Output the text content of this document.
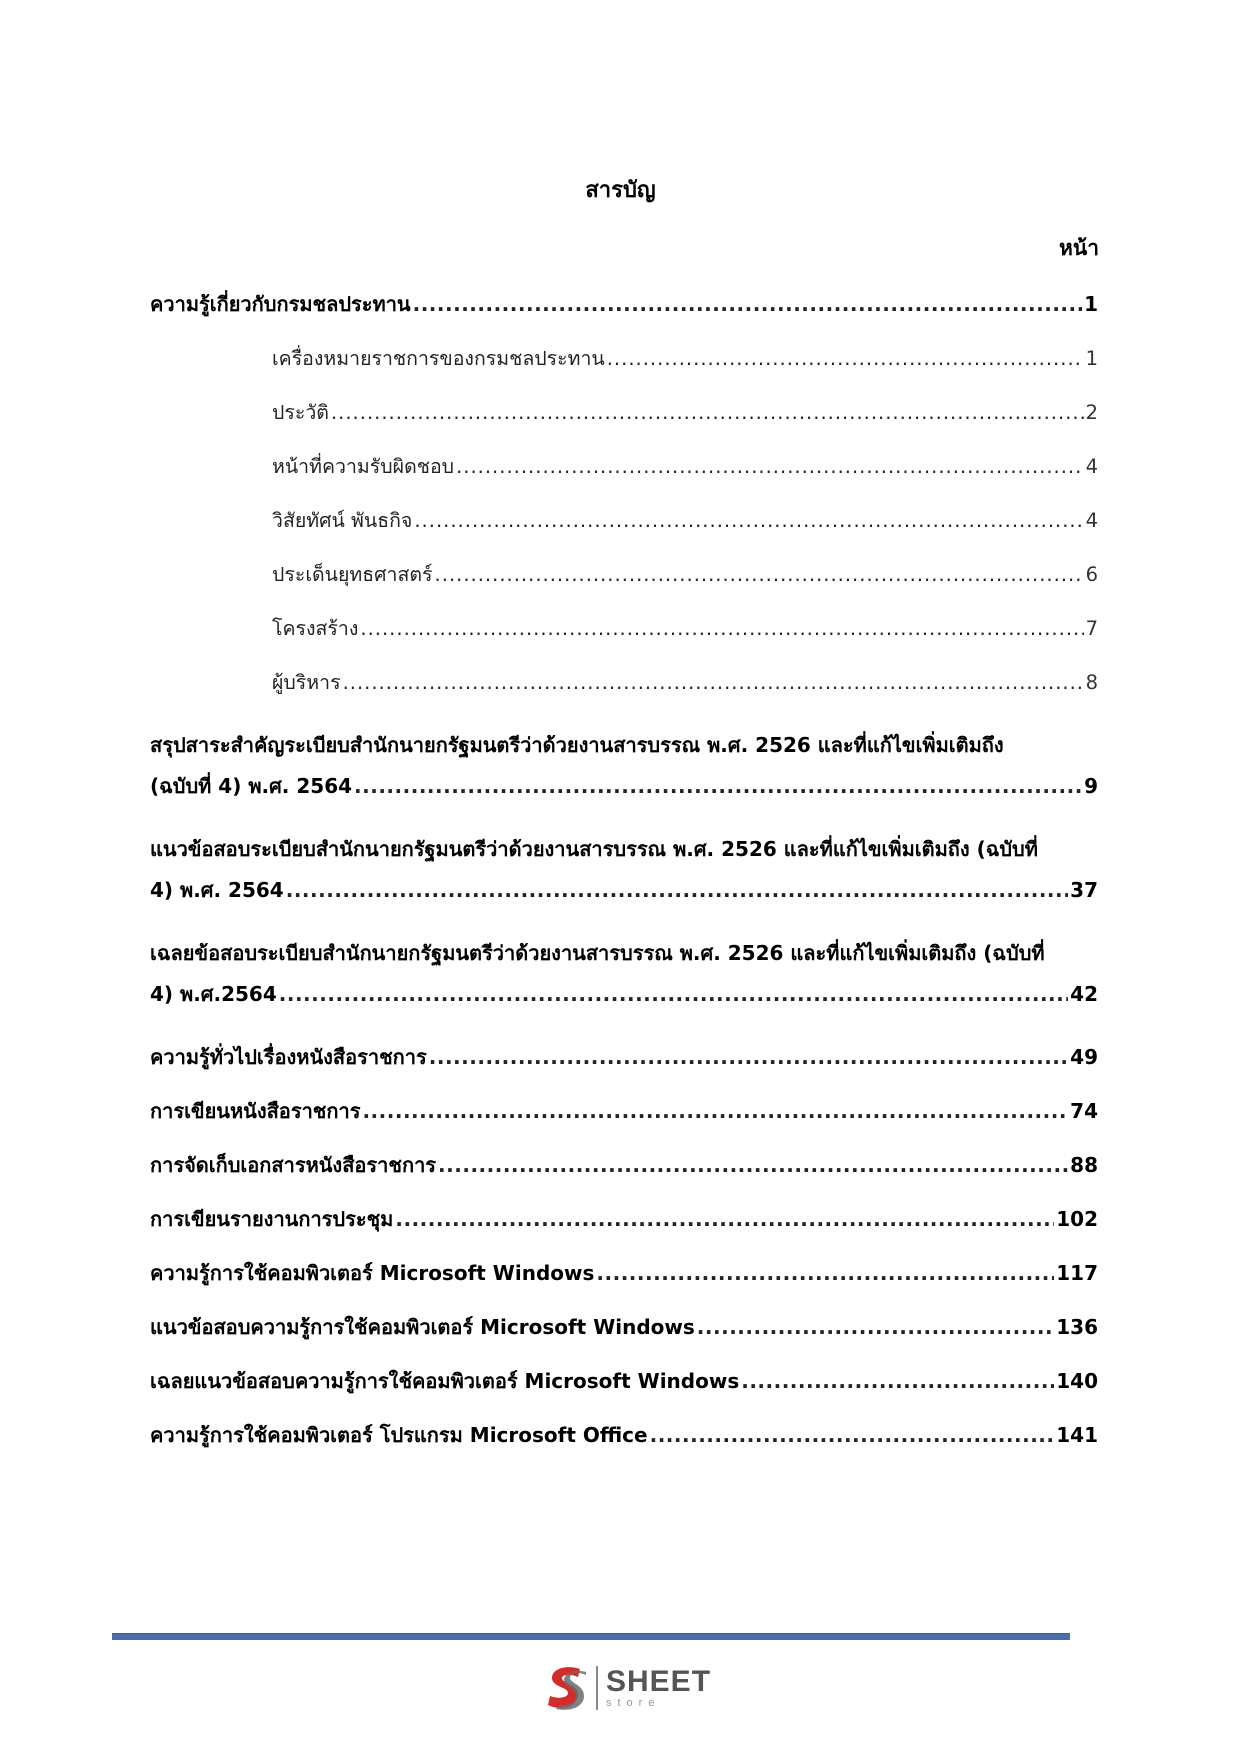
สารบัญ
หน้า
ความรู้เกี่ยวกับกรมชลประทาน .....	1
เครื่องหมายราชการของกรมชลประทาน .....	1
ประวัติ .....	2
หน้าที่ความรับผิดชอบ .....	4
วิสัยทัศน์ พันธกิจ .....	4
ประเด็นยุทธศาสตร์ .....	6
โครงสร้าง .....	7
ผู้บริหาร .....	8
สรุปสาระสำคัญระเบียบสำนักนายกรัฐมนตรีว่าด้วยงานสารบรรณ พ.ศ. 2526 และที่แก้ไขเพิ่มเติมถึง
(ฉบับที่ 4) พ.ศ. 2564 .....	9
แนวข้อสอบระเบียบสำนักนายกรัฐมนตรีว่าด้วยงานสารบรรณ พ.ศ. 2526 และที่แก้ไขเพิ่มเติมถึง (ฉบับที่
4) พ.ศ. 2564 .....	37
เฉลยข้อสอบระเบียบสำนักนายกรัฐมนตรีว่าด้วยงานสารบรรณ พ.ศ. 2526 และที่แก้ไขเพิ่มเติมถึง (ฉบับที่
4) พ.ศ.2564 .....	42
ความรู้ทั่วไปเรื่องหนังสือราชการ .....	49
การเขียนหนังสือราชการ .....	74
การจัดเก็บเอกสารหนังสือราชการ .....	88
การเขียนรายงานการประชุม .....	102
ความรู้การใช้คอมพิวเตอร์ Microsoft Windows .....	117
แนวข้อสอบความรู้การใช้คอมพิวเตอร์ Microsoft Windows .....	136
เฉลยแนวข้อสอบความรู้การใช้คอมพิวเตอร์ Microsoft Windows .....	140
ความรู้การใช้คอมพิวเตอร์ โปรแกรม Microsoft Office .....	141
SHEET
store
